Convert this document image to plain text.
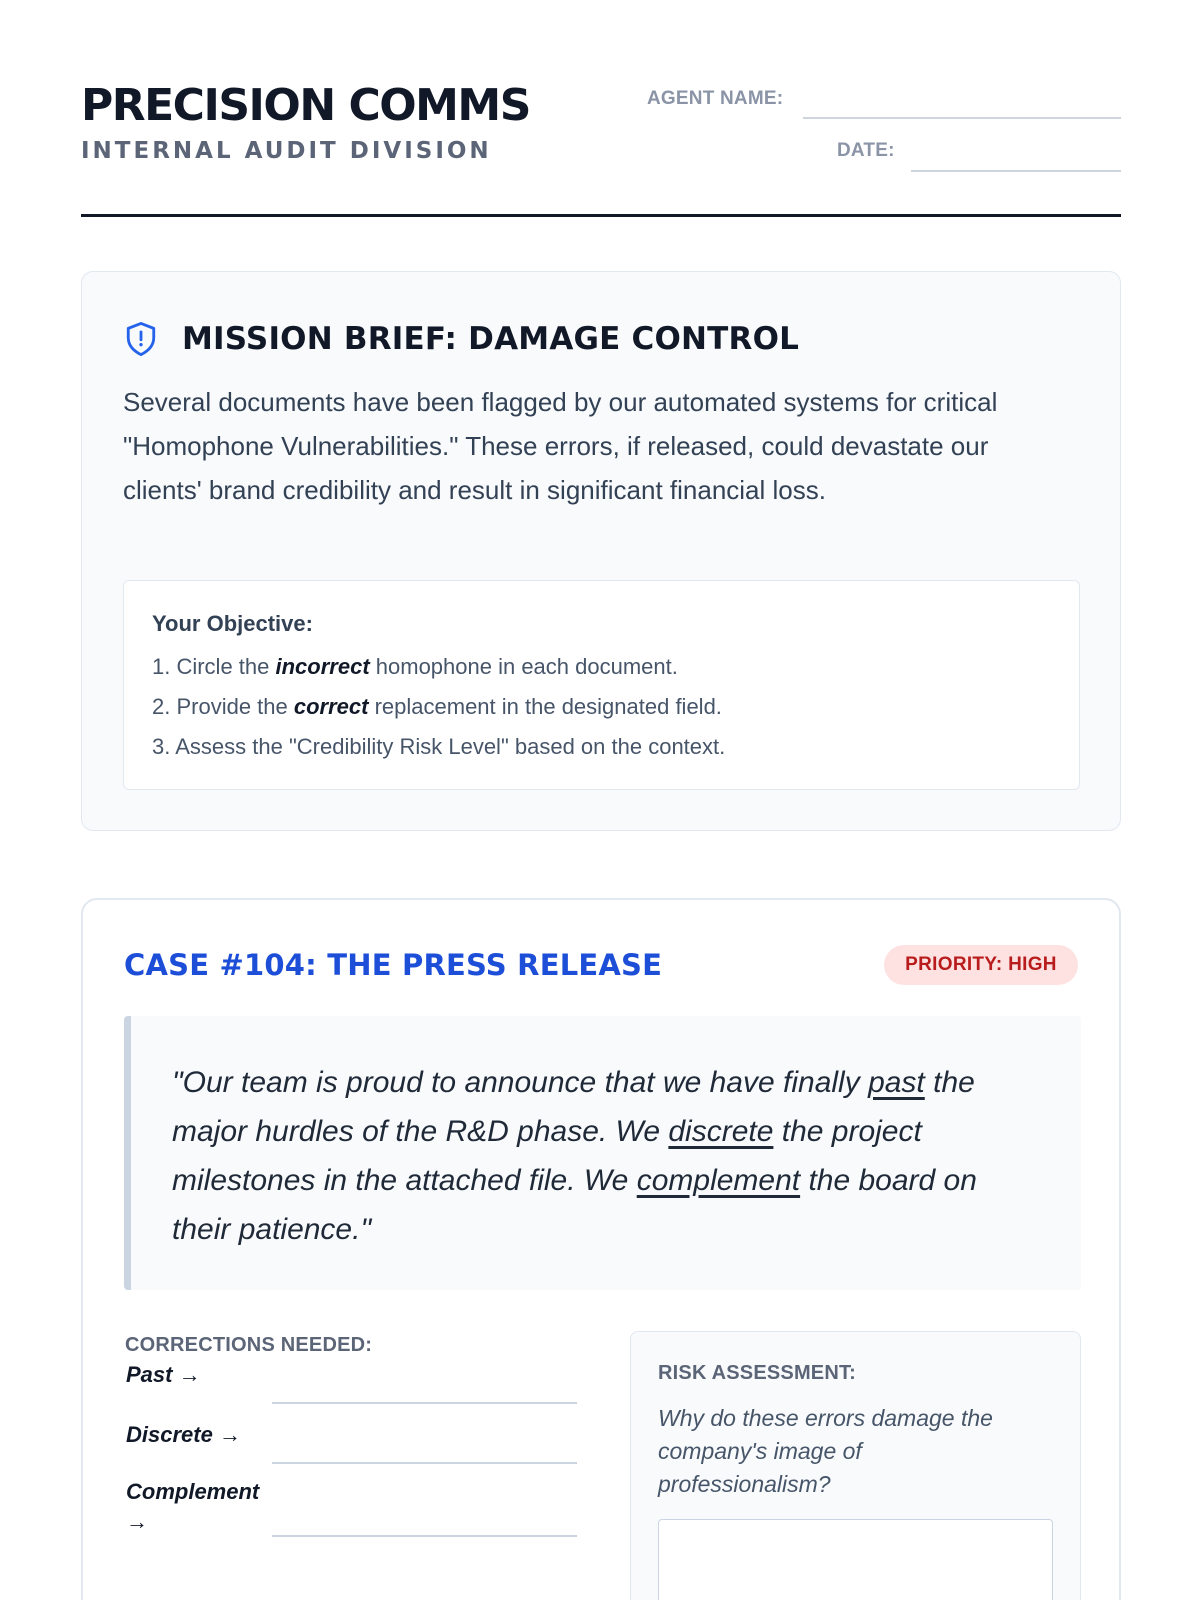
PRECISION COMMS
INTERNAL AUDIT DIVISION
AGENT NAME:
DATE:
MISSION BRIEF: DAMAGE CONTROL

Several documents have been flagged by our automated systems for critical "Homophone Vulnerabilities." These errors, if released, could devastate our clients' brand credibility and result in significant financial loss.

Your Objective:
1. Circle the incorrect homophone in each document.
2. Provide the correct replacement in the designated field.
3. Assess the "Credibility Risk Level" based on the context.
CASE #104: THE PRESS RELEASE	PRIORITY: HIGH
"Our team is proud to announce that we have finally past the major hurdles of the R&D phase. We discrete the project milestones in the attached file. We complement the board on their patience."
CORRECTIONS NEEDED:
Past →
Discrete →
Complement →
RISK ASSESSMENT:
Why do these errors damage the company's image of professionalism?
